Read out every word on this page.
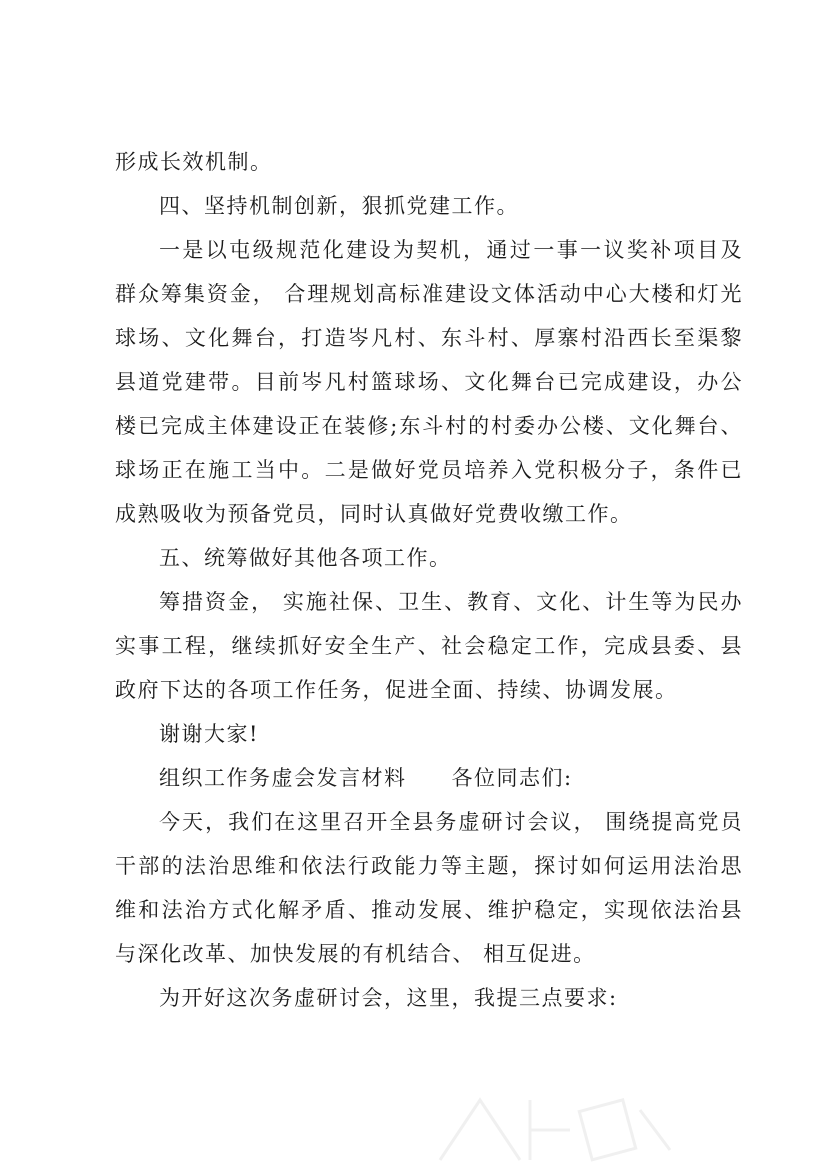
形成长效机制。

四、坚持机制创新，狠抓党建工作。

一是以屯级规范化建设为契机，通过一事一议奖补项目及群众筹集资金， 合理规划高标准建设文体活动中心大楼和灯光球场、文化舞台，打造岑凡村、东斗村、厚寨村沿西长至渠黎县道党建带。目前岑凡村篮球场、文化舞台已完成建设，办公楼已完成主体建设正在装修;东斗村的村委办公楼、文化舞台、球场正在施工当中。二是做好党员培养入党积极分子，条件已成熟吸收为预备党员，同时认真做好党费收缴工作。

五、统筹做好其他各项工作。

筹措资金， 实施社保、卫生、教育、文化、计生等为民办实事工程，继续抓好安全生产、社会稳定工作，完成县委、县政府下达的各项工作任务，促进全面、持续、协调发展。

谢谢大家!

组织工作务虚会发言材料　　各位同志们:

今天，我们在这里召开全县务虚研讨会议， 围绕提高党员干部的法治思维和依法行政能力等主题，探讨如何运用法治思维和法治方式化解矛盾、推动发展、维护稳定，实现依法治县与深化改革、加快发展的有机结合、 相互促进。

为开好这次务虚研讨会，这里，我提三点要求:
